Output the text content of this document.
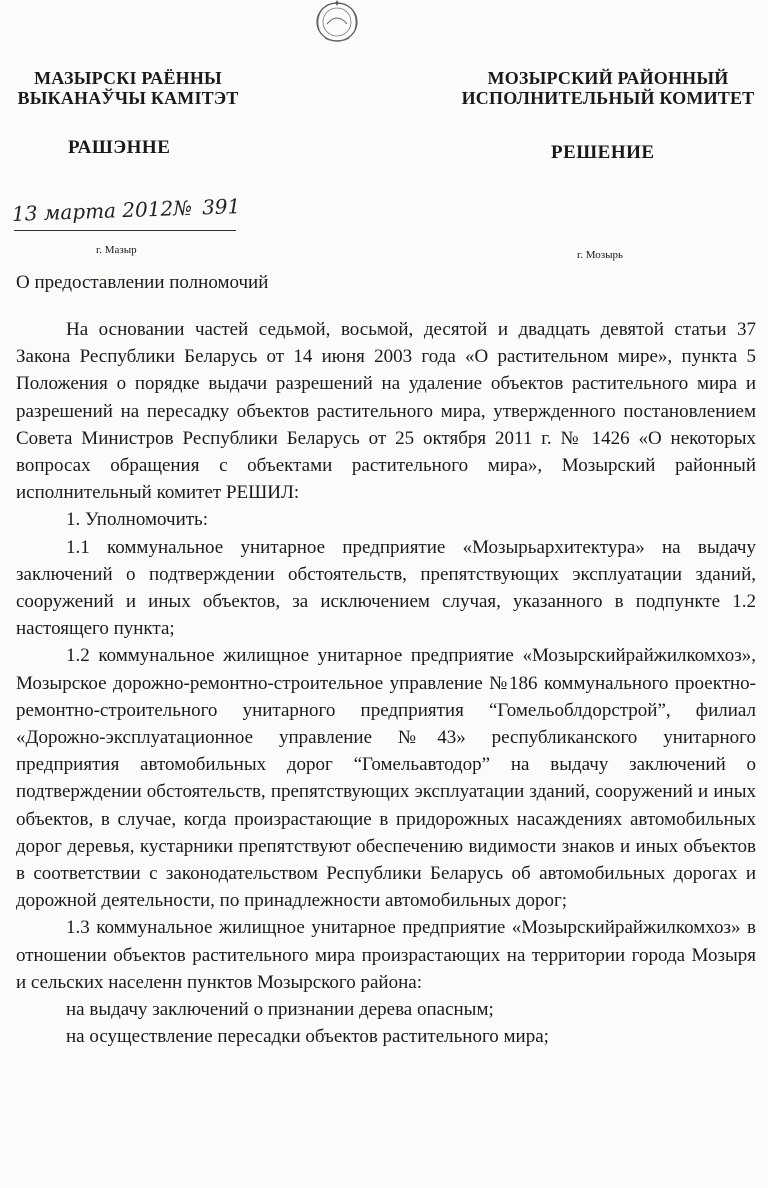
МАЗЫРСКІ РАЁННЫ
ВЫКАНАЎЧЫ КАМІТЭТ
МОЗЫРСКИЙ РАЙОННЫЙ
ИСПОЛНИТЕЛЬНЫЙ КОМИТЕТ
РАШЭННЕ	РЕШЕНИЕ
13 марта 2012№ 391
г. Мазыр	г. Мозырь
О предоставлении полномочий

На основании частей седьмой, восьмой, десятой и двадцать девятой статьи 37 Закона Республики Беларусь от 14 июня 2003 года «О растительном мире», пункта 5 Положения о порядке выдачи разрешений на удаление объектов растительного мира и разрешений на пересадку объектов растительного мира, утвержденного постановлением Совета Министров Республики Беларусь от 25 октября 2011 г. № 1426 «О некоторых вопросах обращения с объектами растительного мира», Мозырский районный исполнительный комитет РЕШИЛ:

1. Уполномочить:

1.1 коммунальное унитарное предприятие «Мозырьархитектура» на выдачу заключений о подтверждении обстоятельств, препятствующих эксплуатации зданий, сооружений и иных объектов, за исключением случая, указанного в подпункте 1.2 настоящего пункта;

1.2 коммунальное жилищное унитарное предприятие «Мозырскийрайжилкомхоз», Мозырское дорожно-ремонтно-строительное управление №186 коммунального проектно-ремонтно-строительного унитарного предприятия “Гомельоблдорстрой”, филиал «Дорожно-эксплуатационное управление №43» республиканского унитарного предприятия автомобильных дорог “Гомельавтодор” на выдачу заключений о подтверждении обстоятельств, препятствующих эксплуатации зданий, сооружений и иных объектов, в случае, когда произрастающие в придорожных насаждениях автомобильных дорог деревья, кустарники препятствуют обеспечению видимости знаков и иных объектов в соответствии с законодательством Республики Беларусь об автомобильных дорогах и дорожной деятельности, по принадлежности автомобильных дорог;

1.3 коммунальное жилищное унитарное предприятие «Мозырскийрайжилкомхоз» в отношении объектов растительного мира произрастающих на территории города Мозыря и сельских населенн пунктов Мозырского района:

на выдачу заключений о признании дерева опасным;

на осуществление пересадки объектов растительного мира;
